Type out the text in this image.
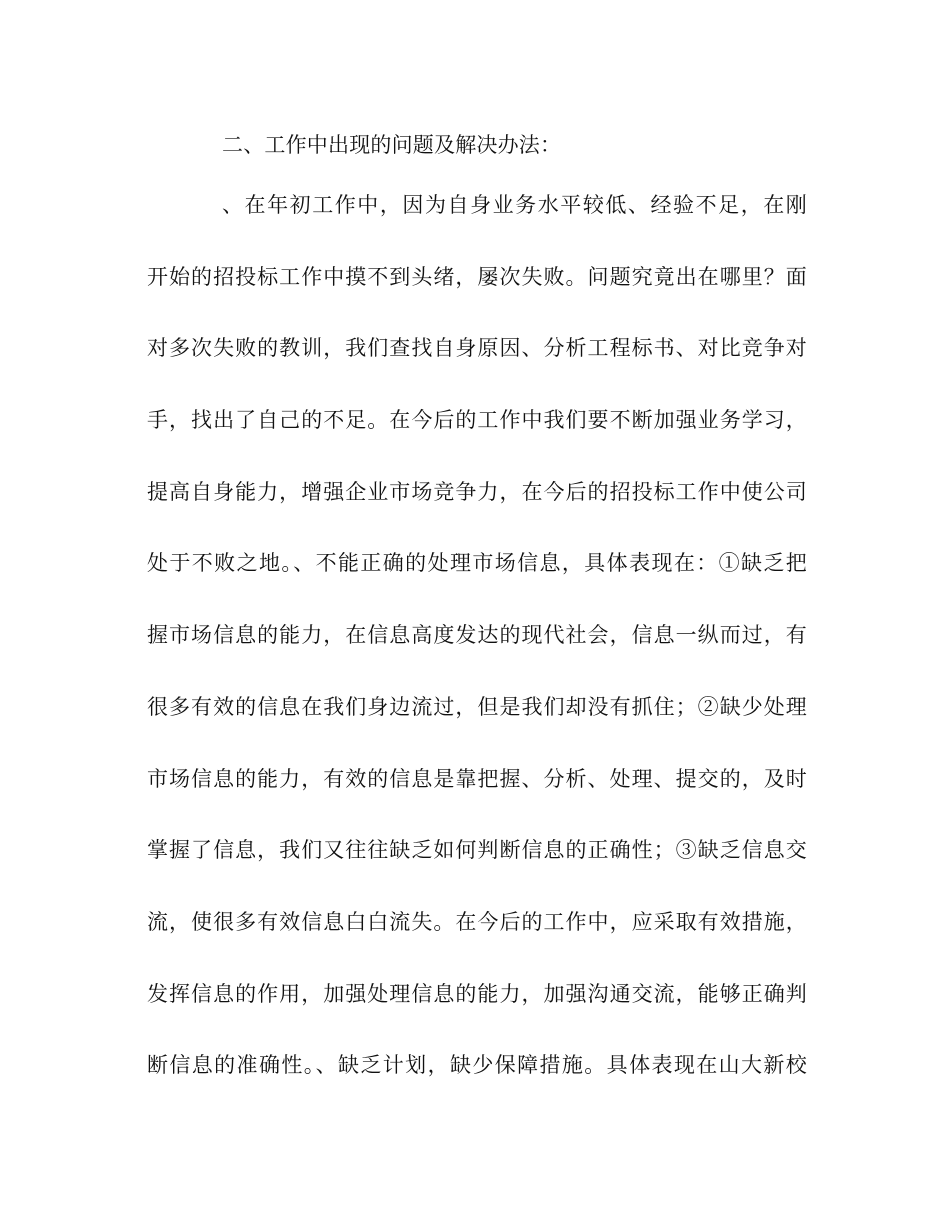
二、工作中出现的问题及解决办法：
、在年初工作中，因为自身业务水平较低、经验不足，在刚
开始的招投标工作中摸不到头绪，屡次失败。问题究竟出在哪里？面
对多次失败的教训，我们查找自身原因、分析工程标书、对比竞争对
手，找出了自己的不足。在今后的工作中我们要不断加强业务学习，
提高自身能力，增强企业市场竞争力，在今后的招投标工作中使公司
处于不败之地。、不能正确的处理市场信息，具体表现在：①缺乏把
握市场信息的能力，在信息高度发达的现代社会，信息一纵而过，有
很多有效的信息在我们身边流过，但是我们却没有抓住；②缺少处理
市场信息的能力，有效的信息是靠把握、分析、处理、提交的，及时
掌握了信息，我们又往往缺乏如何判断信息的正确性；③缺乏信息交
流，使很多有效信息白白流失。在今后的工作中，应采取有效措施，
发挥信息的作用，加强处理信息的能力，加强沟通交流，能够正确判
断信息的准确性。、缺乏计划，缺少保障措施。具体表现在山大新校
